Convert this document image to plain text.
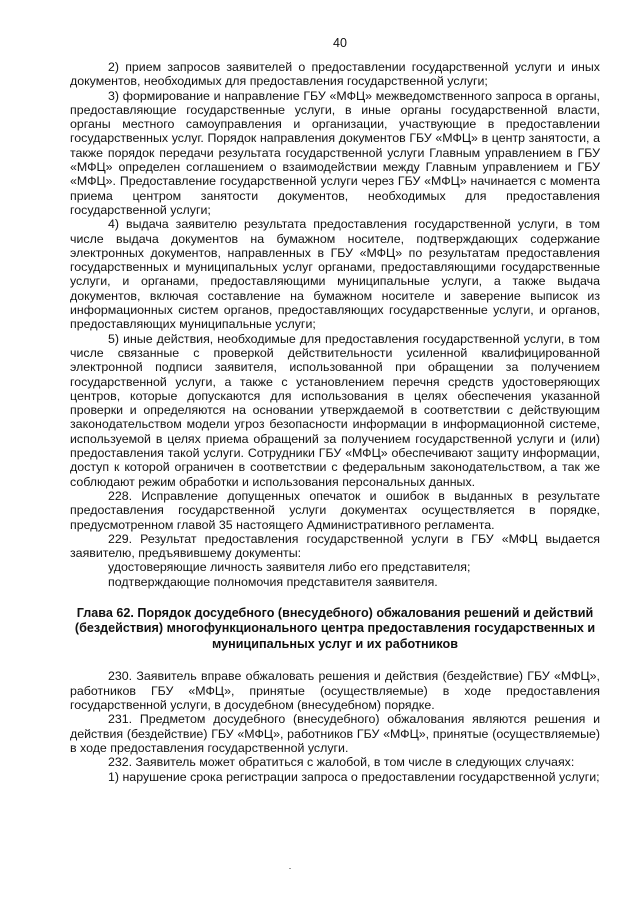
40

2) прием запросов заявителей о предоставлении государственной услуги и иных документов, необходимых для предоставления государственной услуги;

3) формирование и направление ГБУ «МФЦ» межведомственного запроса в органы, предоставляющие государственные услуги, в иные органы государственной власти, органы местного самоуправления и организации, участвующие в предоставлении государственных услуг. Порядок направления документов ГБУ «МФЦ» в центр занятости, а также порядок передачи результата государственной услуги Главным управлением в ГБУ «МФЦ» определен соглашением о взаимодействии между Главным управлением и ГБУ «МФЦ». Предоставление государственной услуги через ГБУ «МФЦ» начинается с момента приема центром занятости документов, необходимых для предоставления государственной услуги;

4) выдача заявителю результата предоставления государственной услуги, в том числе выдача документов на бумажном носителе, подтверждающих содержание электронных документов, направленных в ГБУ «МФЦ» по результатам предоставления государственных и муниципальных услуг органами, предоставляющими государственные услуги, и органами, предоставляющими муниципальные услуги, а также выдача документов, включая составление на бумажном носителе и заверение выписок из информационных систем органов, предоставляющих государственные услуги, и органов, предоставляющих муниципальные услуги;

5) иные действия, необходимые для предоставления государственной услуги, в том числе связанные с проверкой действительности усиленной квалифицированной электронной подписи заявителя, использованной при обращении за получением государственной услуги, а также с установлением перечня средств удостоверяющих центров, которые допускаются для использования в целях обеспечения указанной проверки и определяются на основании утверждаемой в соответствии с действующим законодательством модели угроз безопасности информации в информационной системе, используемой в целях приема обращений за получением государственной услуги и (или) предоставления такой услуги. Сотрудники ГБУ «МФЦ» обеспечивают защиту информации, доступ к которой ограничен в соответствии с федеральным законодательством, а так же соблюдают режим обработки и использования персональных данных.

228. Исправление допущенных опечаток и ошибок в выданных в результате предоставления государственной услуги документах осуществляется в порядке, предусмотренном главой 35 настоящего Административного регламента.

229. Результат предоставления государственной услуги в ГБУ «МФЦ выдается заявителю, предъявившему документы:

удостоверяющие личность заявителя либо его представителя;

подтверждающие полномочия представителя заявителя.

Глава 62. Порядок досудебного (внесудебного) обжалования решений и действий (бездействия) многофункционального центра предоставления государственных и муниципальных услуг и их работников

230. Заявитель вправе обжаловать решения и действия (бездействие) ГБУ «МФЦ», работников ГБУ «МФЦ», принятые (осуществляемые) в ходе предоставления государственной услуги, в досудебном (внесудебном) порядке.

231. Предметом досудебного (внесудебного) обжалования являются решения и действия (бездействие) ГБУ «МФЦ», работников ГБУ «МФЦ», принятые (осуществляемые) в ходе предоставления государственной услуги.

232. Заявитель может обратиться с жалобой, в том числе в следующих случаях:

1) нарушение срока регистрации запроса о предоставлении государственной услуги;
